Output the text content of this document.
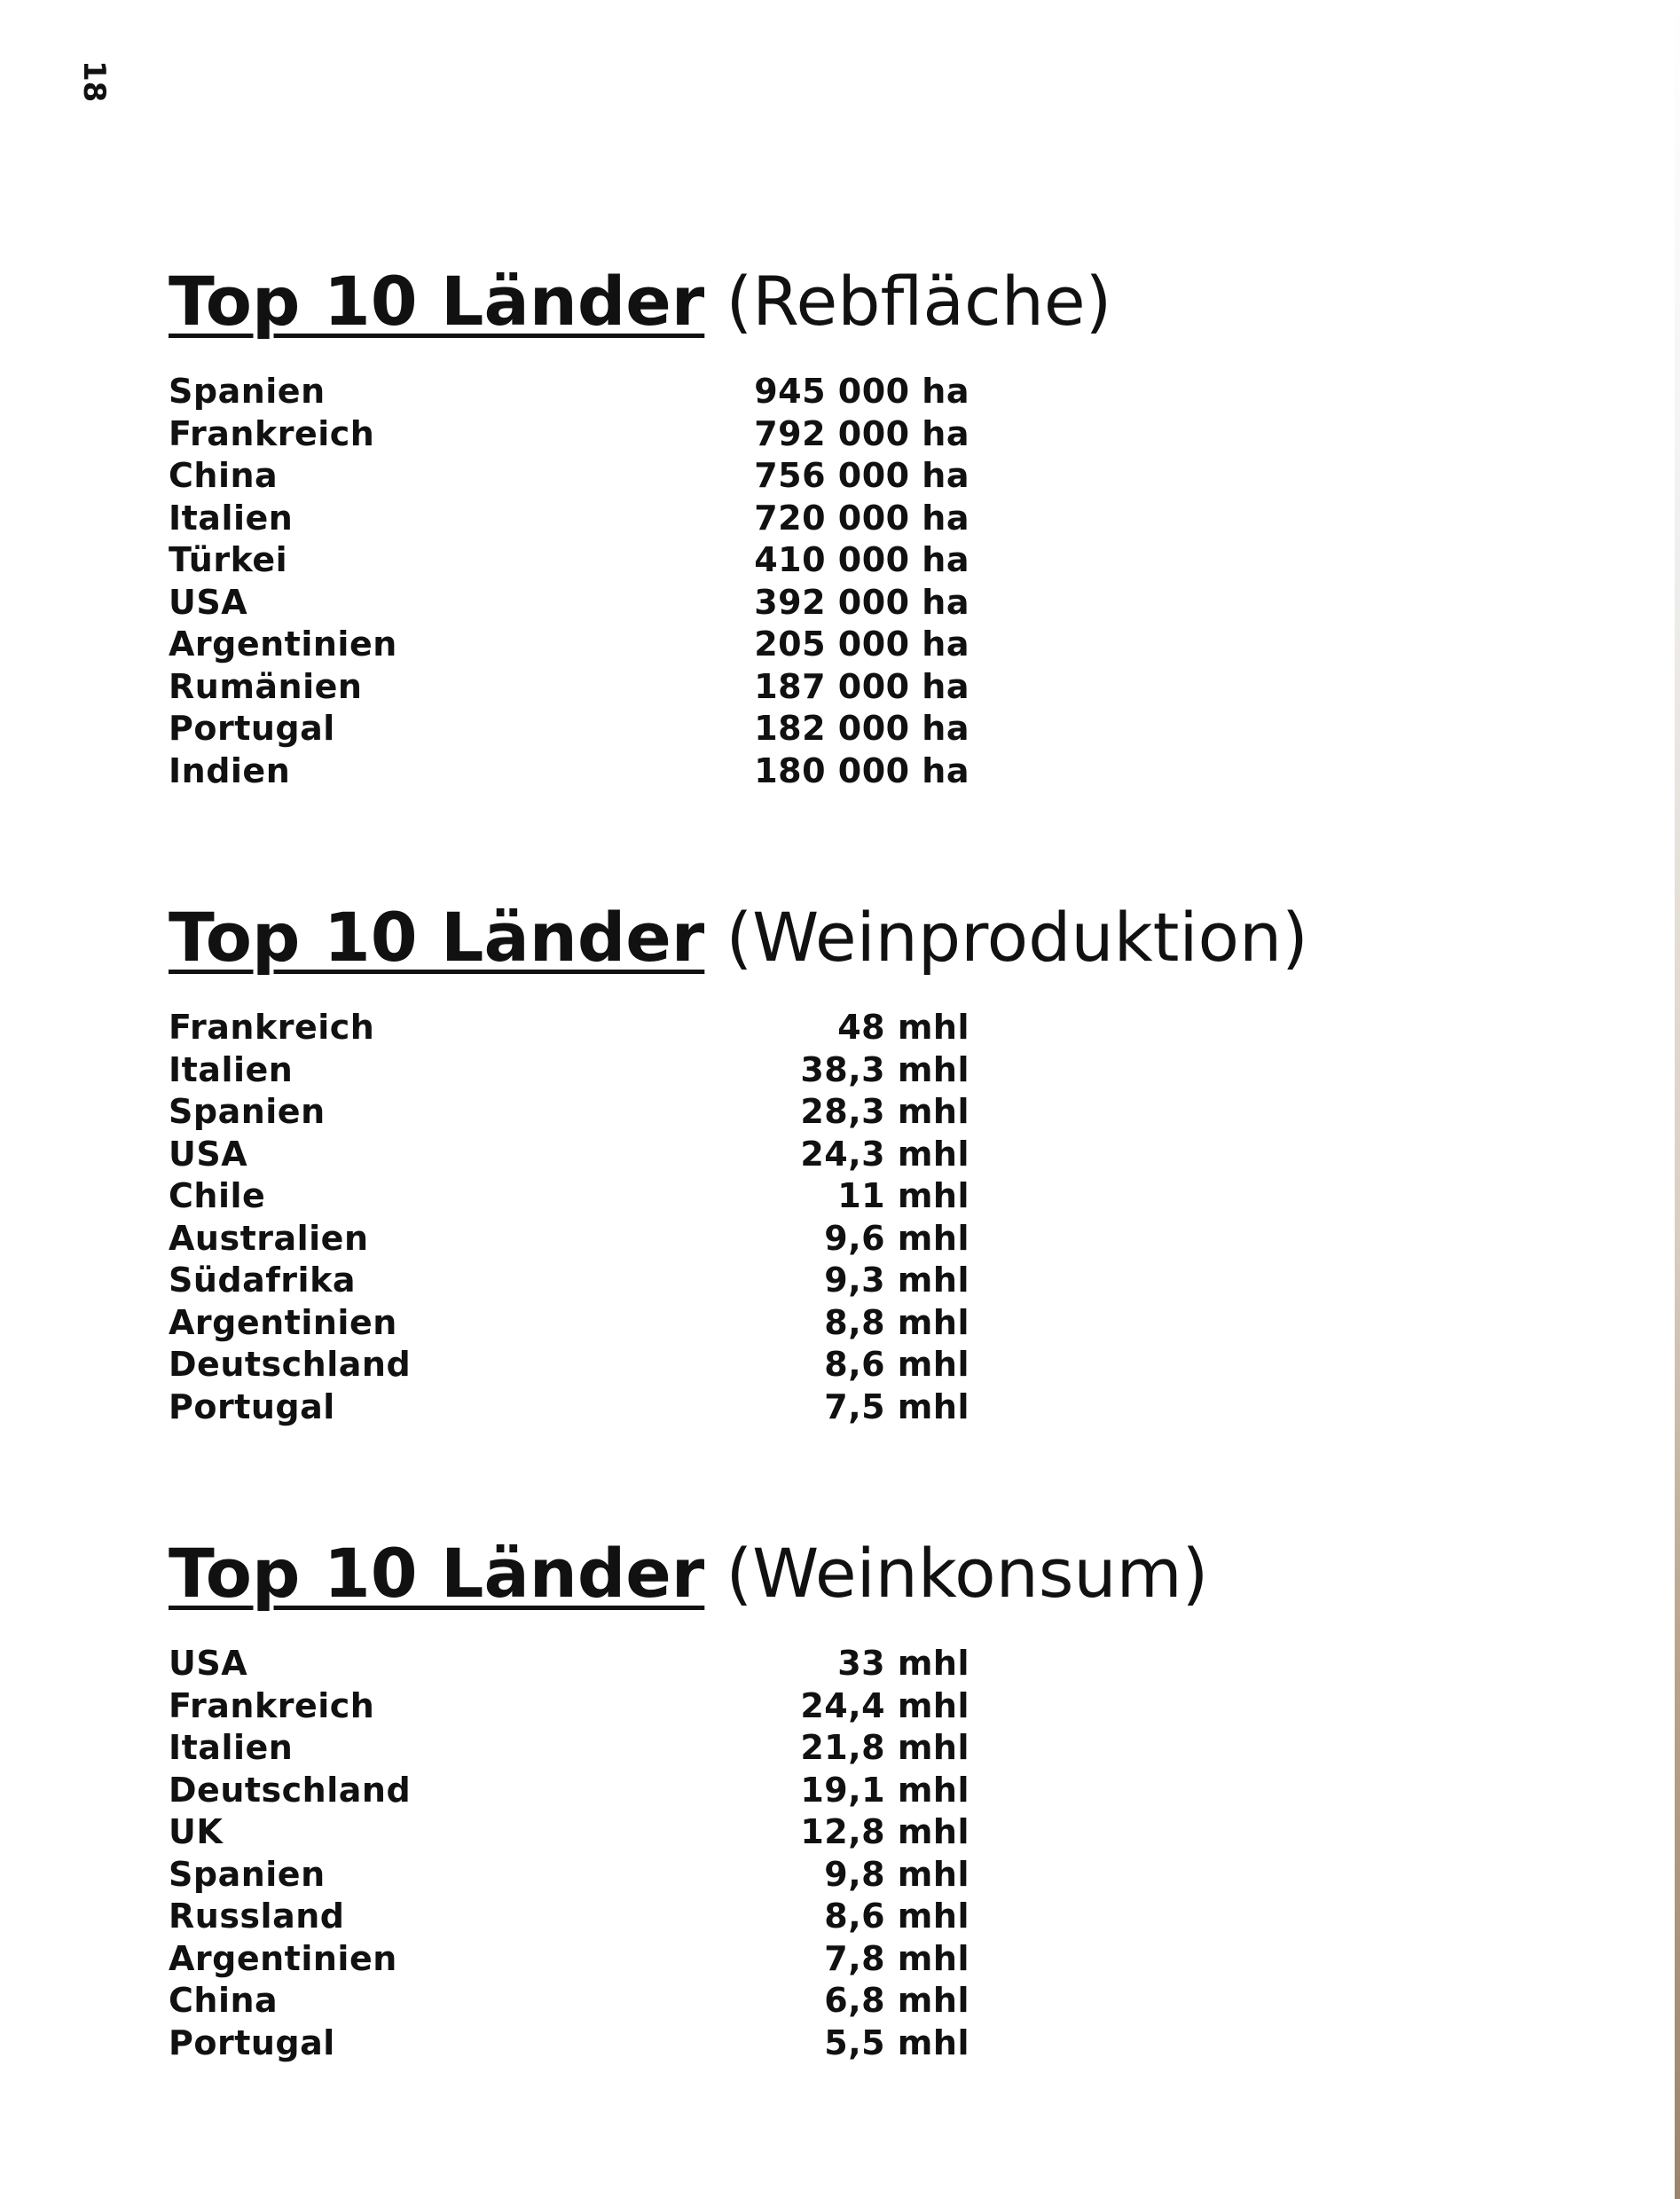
18
Top 10 Länder (Rebfläche)
Spanien	945 000 ha
Frankreich	792 000 ha
China	756 000 ha
Italien	720 000 ha
Türkei	410 000 ha
USA	392 000 ha
Argentinien	205 000 ha
Rumänien	187 000 ha
Portugal	182 000 ha
Indien	180 000 ha
Top 10 Länder (Weinproduktion)
Frankreich	48 mhl
Italien	38,3 mhl
Spanien	28,3 mhl
USA	24,3 mhl
Chile	11 mhl
Australien	9,6 mhl
Südafrika	9,3 mhl
Argentinien	8,8 mhl
Deutschland	8,6 mhl
Portugal	7,5 mhl
Top 10 Länder (Weinkonsum)
USA	33 mhl
Frankreich	24,4 mhl
Italien	21,8 mhl
Deutschland	19,1 mhl
UK	12,8 mhl
Spanien	9,8 mhl
Russland	8,6 mhl
Argentinien	7,8 mhl
China	6,8 mhl
Portugal	5,5 mhl
